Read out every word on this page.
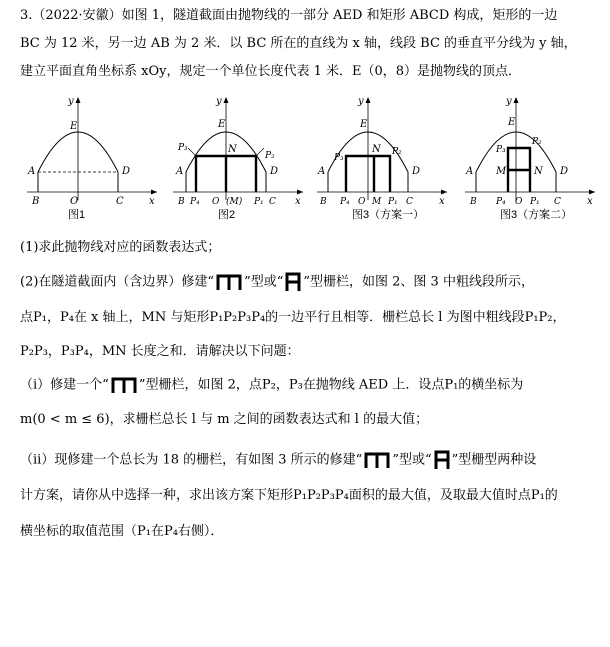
3.（2022·安徽）如图 1，隧道截面由抛物线的一部分 AED 和矩形 ABCD 构成，矩形的一边
BC 为 12 米，另一边 AB 为 2 米．以 BC 所在的直线为 x 轴，线段 BC 的垂直平分线为 y 轴，
建立平面直角坐标系 xOy，规定一个单位长度代表 1 米．E（0，8）是抛物线的顶点．
y
x
E
A	D
B	O	C
图1
y
x
E
P₃
P₂
N
A	D
B P₄ O (M) P₁ C
图2
y
x
E
P₃
P₂
N
A	D
B P₄ O M P₁ C
图3（方案一）
y
x
E
P₃
P₂
N
M
A	D
B P₄ O P₁ C
图3（方案二）
(1)求此抛物线对应的函数表达式；
(2)在隧道截面内（含边界）修建“ ”型或“ ”型栅栏，如图 2、图 3 中粗线段所示，
点P₁，P₄在 x 轴上，MN 与矩形P₁P₂P₃P₄的一边平行且相等．栅栏总长 l 为图中粗线段P₁P₂，
P₂P₃，P₃P₄，MN 长度之和．请解决以下问题：
（i）修建一个“ ”型栅栏，如图 2，点P₂，P₃在抛物线 AED 上．设点P₁的横坐标为
m(0 < m ≤ 6)，求栅栏总长 l 与 m 之间的函数表达式和 l 的最大值；
（ii）现修建一个总长为 18 的栅栏，有如图 3 所示的修建“ ”型或“ ”型栅型两种设
计方案，请你从中选择一种，求出该方案下矩形P₁P₂P₃P₄面积的最大值，及取最大值时点P₁的
横坐标的取值范围（P₁在P₄右侧）．
